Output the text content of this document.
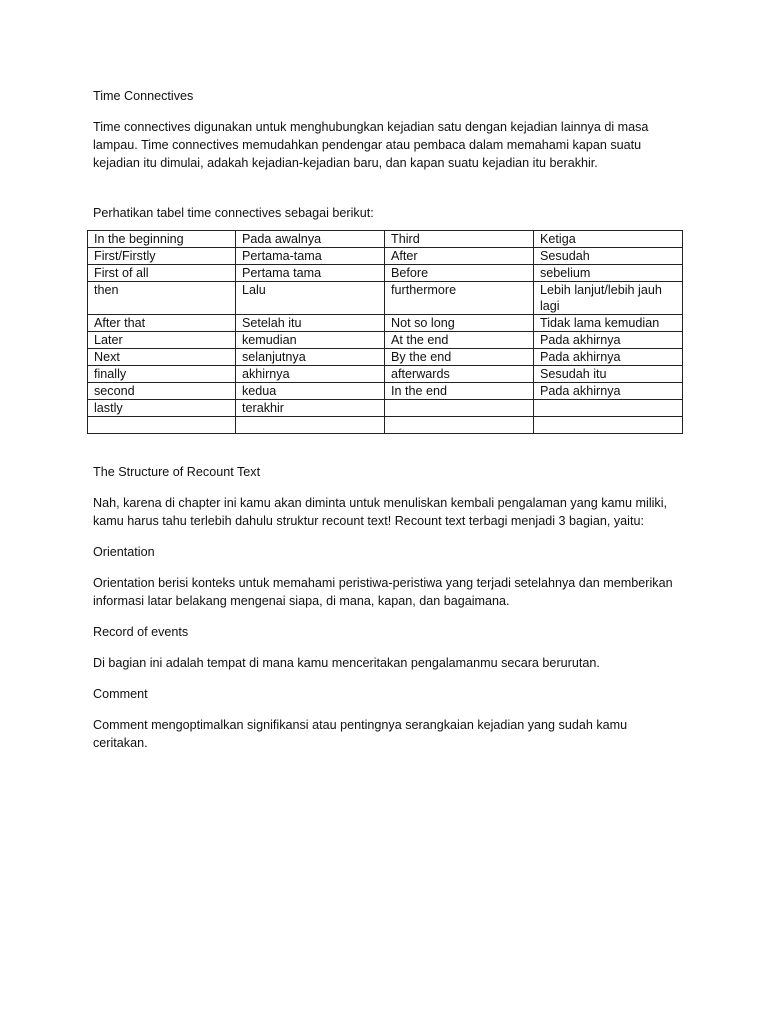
Time Connectives

Time connectives digunakan untuk menghubungkan kejadian satu dengan kejadian lainnya di masa lampau. Time connectives memudahkan pendengar atau pembaca dalam memahami kapan suatu kejadian itu dimulai, adakah kejadian-kejadian baru, dan kapan suatu kejadian itu berakhir.

Perhatikan tabel time connectives sebagai berikut:

In the beginning	Pada awalnya	Third	Ketiga
First/Firstly	Pertama-tama	After	Sesudah
First of all	Pertama tama	Before	sebelium
then	Lalu	furthermore	Lebih lanjut/lebih jauh lagi
After that	Setelah itu	Not so long	Tidak lama kemudian
Later	kemudian	At the end	Pada akhirnya
Next	selanjutnya	By the end	Pada akhirnya
finally	akhirnya	afterwards	Sesudah itu
second	kedua	In the end	Pada akhirnya
lastly	terakhir		

The Structure of Recount Text

Nah, karena di chapter ini kamu akan diminta untuk menuliskan kembali pengalaman yang kamu miliki, kamu harus tahu terlebih dahulu struktur recount text! Recount text terbagi menjadi 3 bagian, yaitu:

Orientation

Orientation berisi konteks untuk memahami peristiwa-peristiwa yang terjadi setelahnya dan memberikan informasi latar belakang mengenai siapa, di mana, kapan, dan bagaimana.

Record of events

Di bagian ini adalah tempat di mana kamu menceritakan pengalamanmu secara berurutan.

Comment

Comment mengoptimalkan signifikansi atau pentingnya serangkaian kejadian yang sudah kamu ceritakan.
